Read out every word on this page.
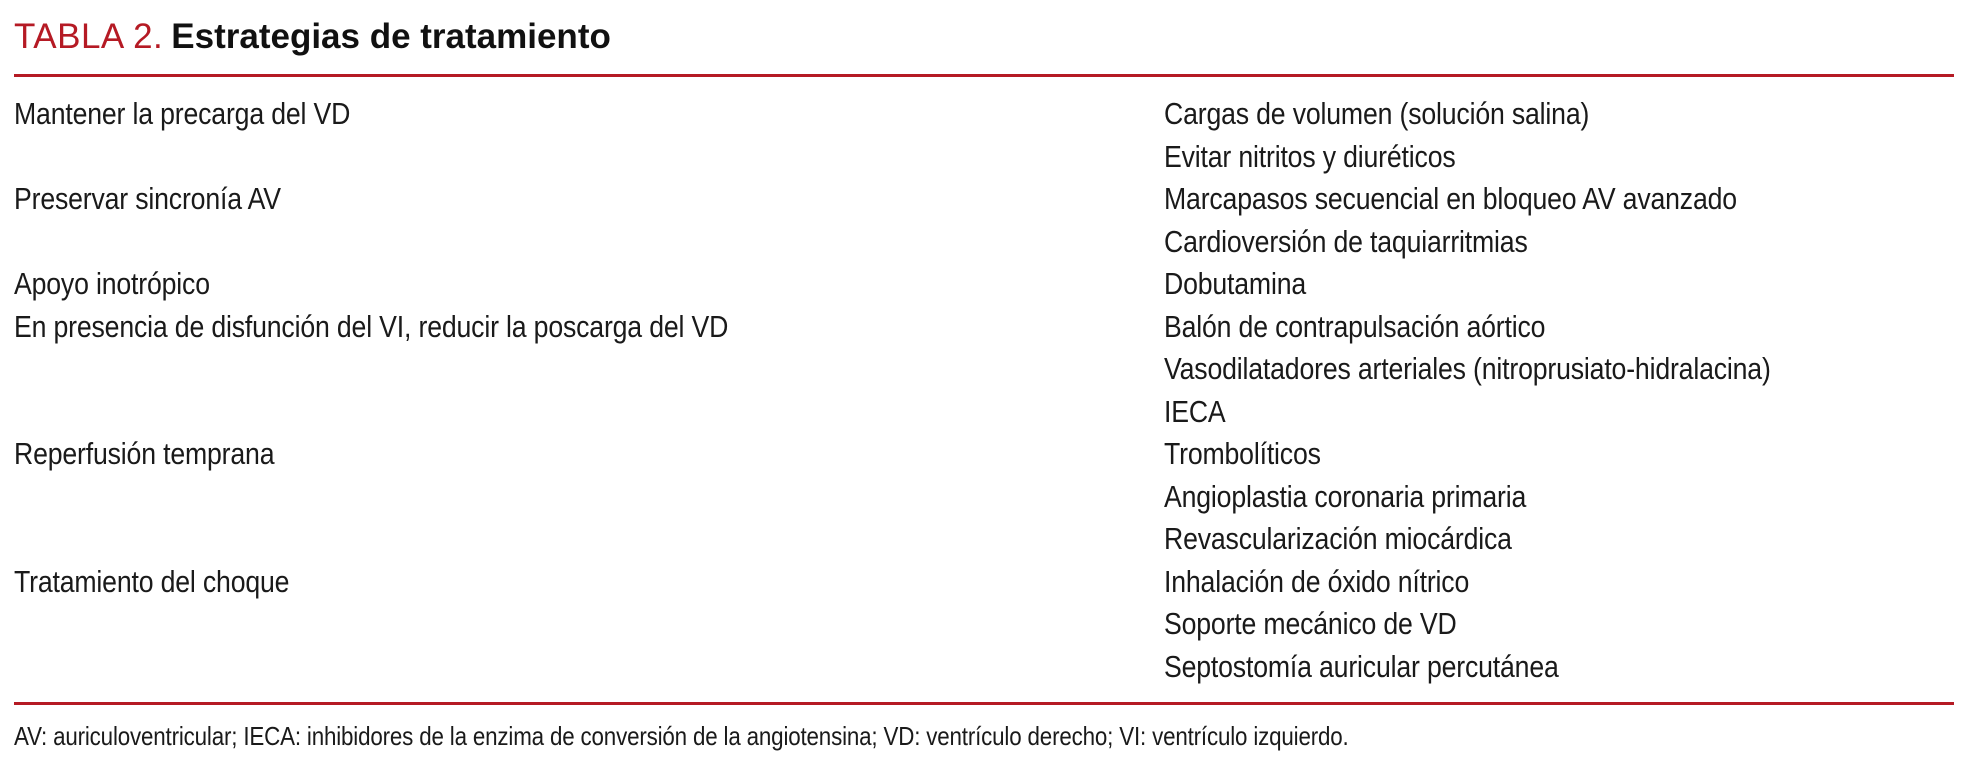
TABLA 2. Estrategias de tratamiento
Mantener la precarga del VD	Cargas de volumen (solución salina)
Evitar nitritos y diuréticos
Preservar sincronía AV	Marcapasos secuencial en bloqueo AV avanzado
Cardioversión de taquiarritmias
Apoyo inotrópico	Dobutamina
En presencia de disfunción del VI, reducir la poscarga del VD	Balón de contrapulsación aórtico
Vasodilatadores arteriales (nitroprusiato-hidralacina)
IECA
Reperfusión temprana	Trombolíticos
Angioplastia coronaria primaria
Revascularización miocárdica
Tratamiento del choque	Inhalación de óxido nítrico
Soporte mecánico de VD
Septostomía auricular percutánea
AV: auriculoventricular; IECA: inhibidores de la enzima de conversión de la angiotensina; VD: ventrículo derecho; VI: ventrículo izquierdo.
